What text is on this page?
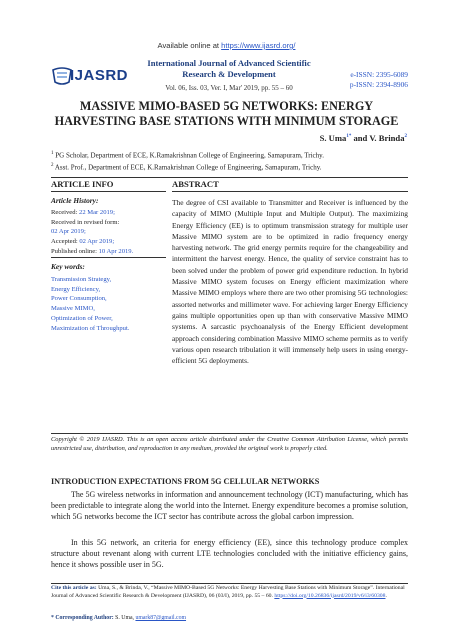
Available online at https://www.ijasrd.org/
IJASRD
International Journal of Advanced Scientific
Research & Development
Vol. 06, Iss. 03, Ver. I, Mar' 2019, pp. 55 – 60
e-ISSN: 2395-6089
p-ISSN: 2394-8906
MASSIVE MIMO-BASED 5G NETWORKS: ENERGY
HARVESTING BASE STATIONS WITH MINIMUM STORAGE
S. Uma$^{1*}$ and V. Brinda$^2$
$^1$ PG Scholar, Department of ECE, K.Ramakrishnan College of Engineering, Samapuram, Trichy.
$^2$ Asst. Prof., Department of ECE, K.Ramakrishnan College of Engineering, Samapuram, Trichy.
ARTICLE INFO	ABSTRACT
Article History:
Received: 22 Mar 2019;
Received in revised form:
02 Apr 2019;
Accepted: 02 Apr 2019;
Published online: 10 Apr 2019.
Key words:
Transmission Strategy,
Energy Efficiency,
Power Consumption,
Massive MIMO,
Optimization of Power,
Maximization of Throughput.
The degree of CSI available to Transmitter and Receiver is influenced by the capacity of MIMO (Multiple Input and Multiple Output). The maximizing Energy Efficiency (EE) is to optimum transmission strategy for multiple user Massive MIMO system are to be optimized in radio frequency energy harvesting network. The grid energy permits require for the changeability and intermittent the harvest energy. Hence, the quality of service constraint has to been solved under the problem of power grid expenditure reduction. In hybrid Massive MIMO system focuses on Energy efficient maximization where Massive MIMO employs where there are two other promising 5G technologies: assorted networks and millimeter wave. For achieving larger Energy Efficiency gains multiple opportunities open up than with conservative Massive MIMO systems. A sarcastic psychoanalysis of the Energy Efficient development approach considering combination Massive MIMO scheme permits as to verify various open research tribulation it will immensely help users in using energy-efficient 5G deployments.
Copyright © 2019 IJASRD. This is an open access article distributed under the Creative Common Attribution License, which permits unrestricted use, distribution, and reproduction in any medium, provided the original work is properly cited.
INTRODUCTION EXPECTATIONS FROM 5G CELLULAR NETWORKS
The 5G wireless networks in information and announcement technology (ICT) manufacturing, which has been predictable to integrate along the world into the Internet. Energy expenditure becomes a promise solution, which 5G networks become the ICT sector has contribute across the global carbon impression.
In this 5G network, an criteria for energy efficiency (EE), since this technology produce complex structure about revenant along with current LTE technologies concluded with the initiative efficiency gains, hence it shows possible user in 5G.
Cite this article as: Uma, S., & Brinda, V., “Massive MIMO-Based 5G Networks: Energy Harvesting Base Stations with Minimum Storage”. International Journal of Advanced Scientific Research & Development (IJASRD), 06 (03/I), 2019, pp. 55 – 60. https://doi.org/10.26836/ijasrd/2019/v6/i3/60308.
* Corresponding Author: S. Uma, umark87@gmail.com
